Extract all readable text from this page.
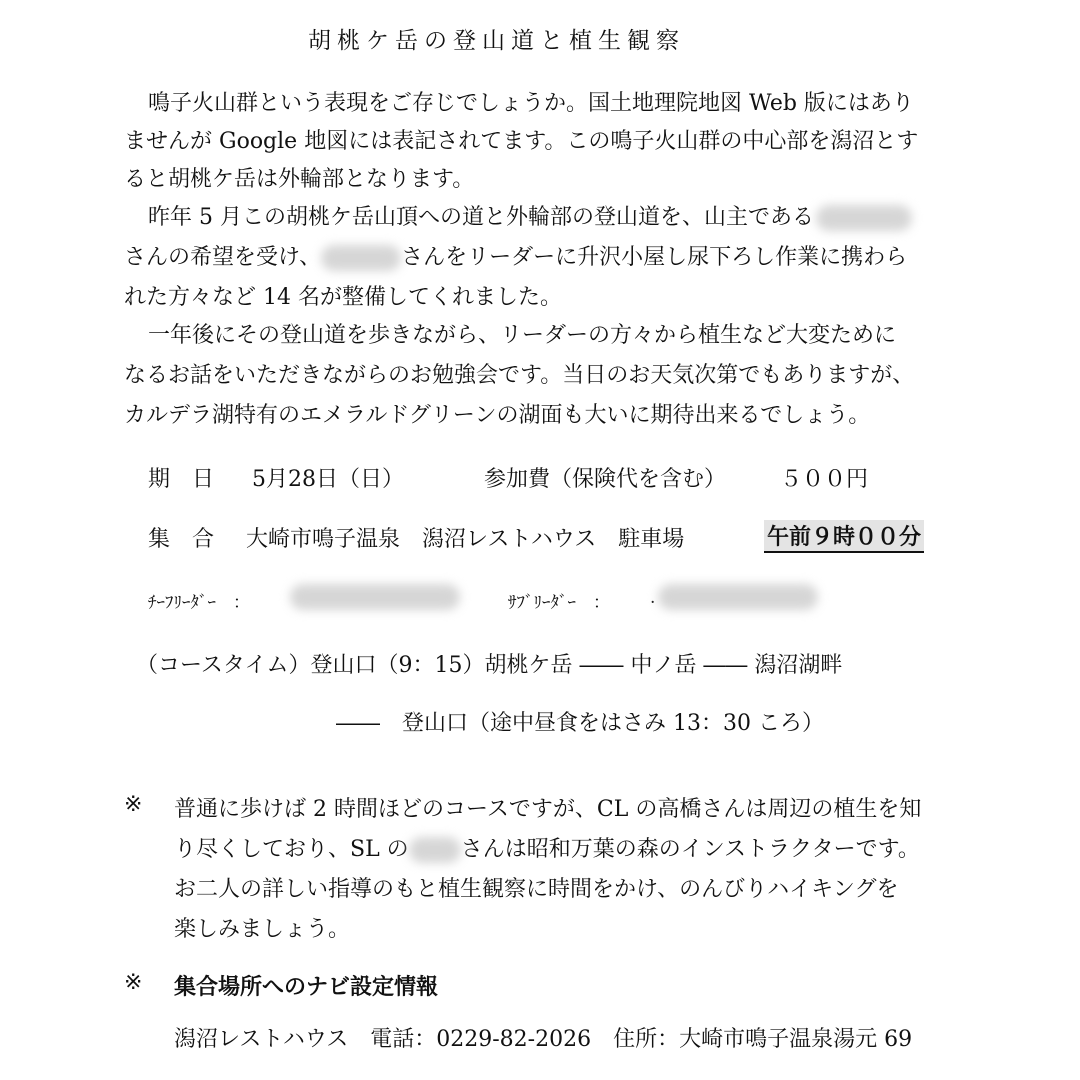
胡桃ケ岳の登山道と植生観察
鳴子火山群という表現をご存じでしょうか。国土地理院地図 Web 版にはあり
ませんが Google 地図には表記されてます。この鳴子火山群の中心部を潟沼とす
ると胡桃ケ岳は外輪部となります。
昨年 5 月この胡桃ケ岳山頂への道と外輪部の登山道を、山主である
さんの希望を受け、	さんをリーダーに升沢小屋し尿下ろし作業に携わら
れた方々など 14 名が整備してくれました。
一年後にその登山道を歩きながら、リーダーの方々から植生など大変ために
なるお話をいただきながらのお勉強会です。当日のお天気次第でもありますが、
カルデラ湖特有のエメラルドグリーンの湖面も大いに期待出来るでしょう。
期　日 5月28日（日）	参加費（保険代を含む） ５００円
集　合 大崎市鳴子温泉　潟沼レストハウス　駐車場	午前９時００分
ﾁｰﾌﾘｰﾀﾞｰ　：	ｻﾌﾞﾘｰﾀﾞｰ　： .
（コースタイム）登山口（9：15）胡桃ケ岳 ―― 中ノ岳 ―― 潟沼湖畔
――　登山口（途中昼食をはさみ 13：30 ころ）
※ 普通に歩けば 2 時間ほどのコースですが、CL の高橋さんは周辺の植生を知
り尽くしており、SL の さんは昭和万葉の森のインストラクターです。
お二人の詳しい指導のもと植生観察に時間をかけ、のんびりハイキングを
楽しみましょう。
※ 集合場所へのナビ設定情報
潟沼レストハウス　電話：0229-82-2026　住所：大崎市鳴子温泉湯元 69
